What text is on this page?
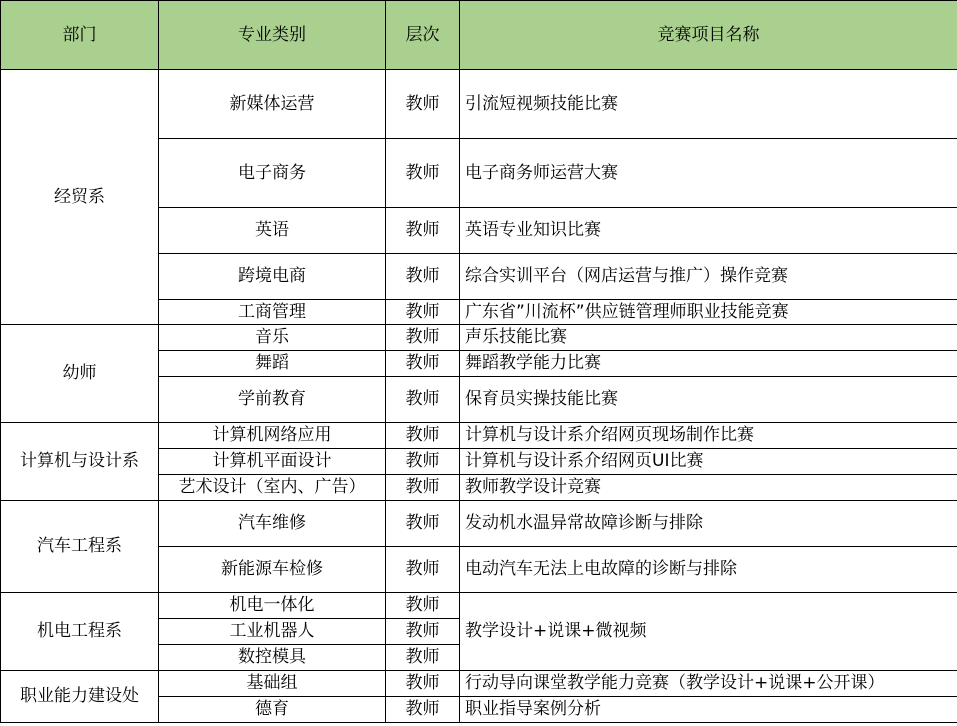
部门	专业类别	层次	竞赛项目名称
经贸系	新媒体运营	教师	引流短视频技能比赛
	电子商务	教师	电子商务师运营大赛
	英语	教师	英语专业知识比赛
	跨境电商	教师	综合实训平台（网店运营与推广）操作竞赛
	工商管理	教师	广东省”川流杯”供应链管理师职业技能竞赛
幼师	音乐	教师	声乐技能比赛
	舞蹈	教师	舞蹈教学能力比赛
	学前教育	教师	保育员实操技能比赛
计算机与设计系	计算机网络应用	教师	计算机与设计系介绍网页现场制作比赛
	计算机平面设计	教师	计算机与设计系介绍网页UI比赛
	艺术设计（室内、广告）	教师	教师教学设计竞赛
汽车工程系	汽车维修	教师	发动机水温异常故障诊断与排除
	新能源车检修	教师	电动汽车无法上电故障的诊断与排除
机电工程系	机电一体化	教师	教学设计+说课+微视频
	工业机器人	教师	
	数控模具	教师	
职业能力建设处	基础组	教师	行动导向课堂教学能力竞赛（教学设计+说课+公开课）
	德育	教师	职业指导案例分析
